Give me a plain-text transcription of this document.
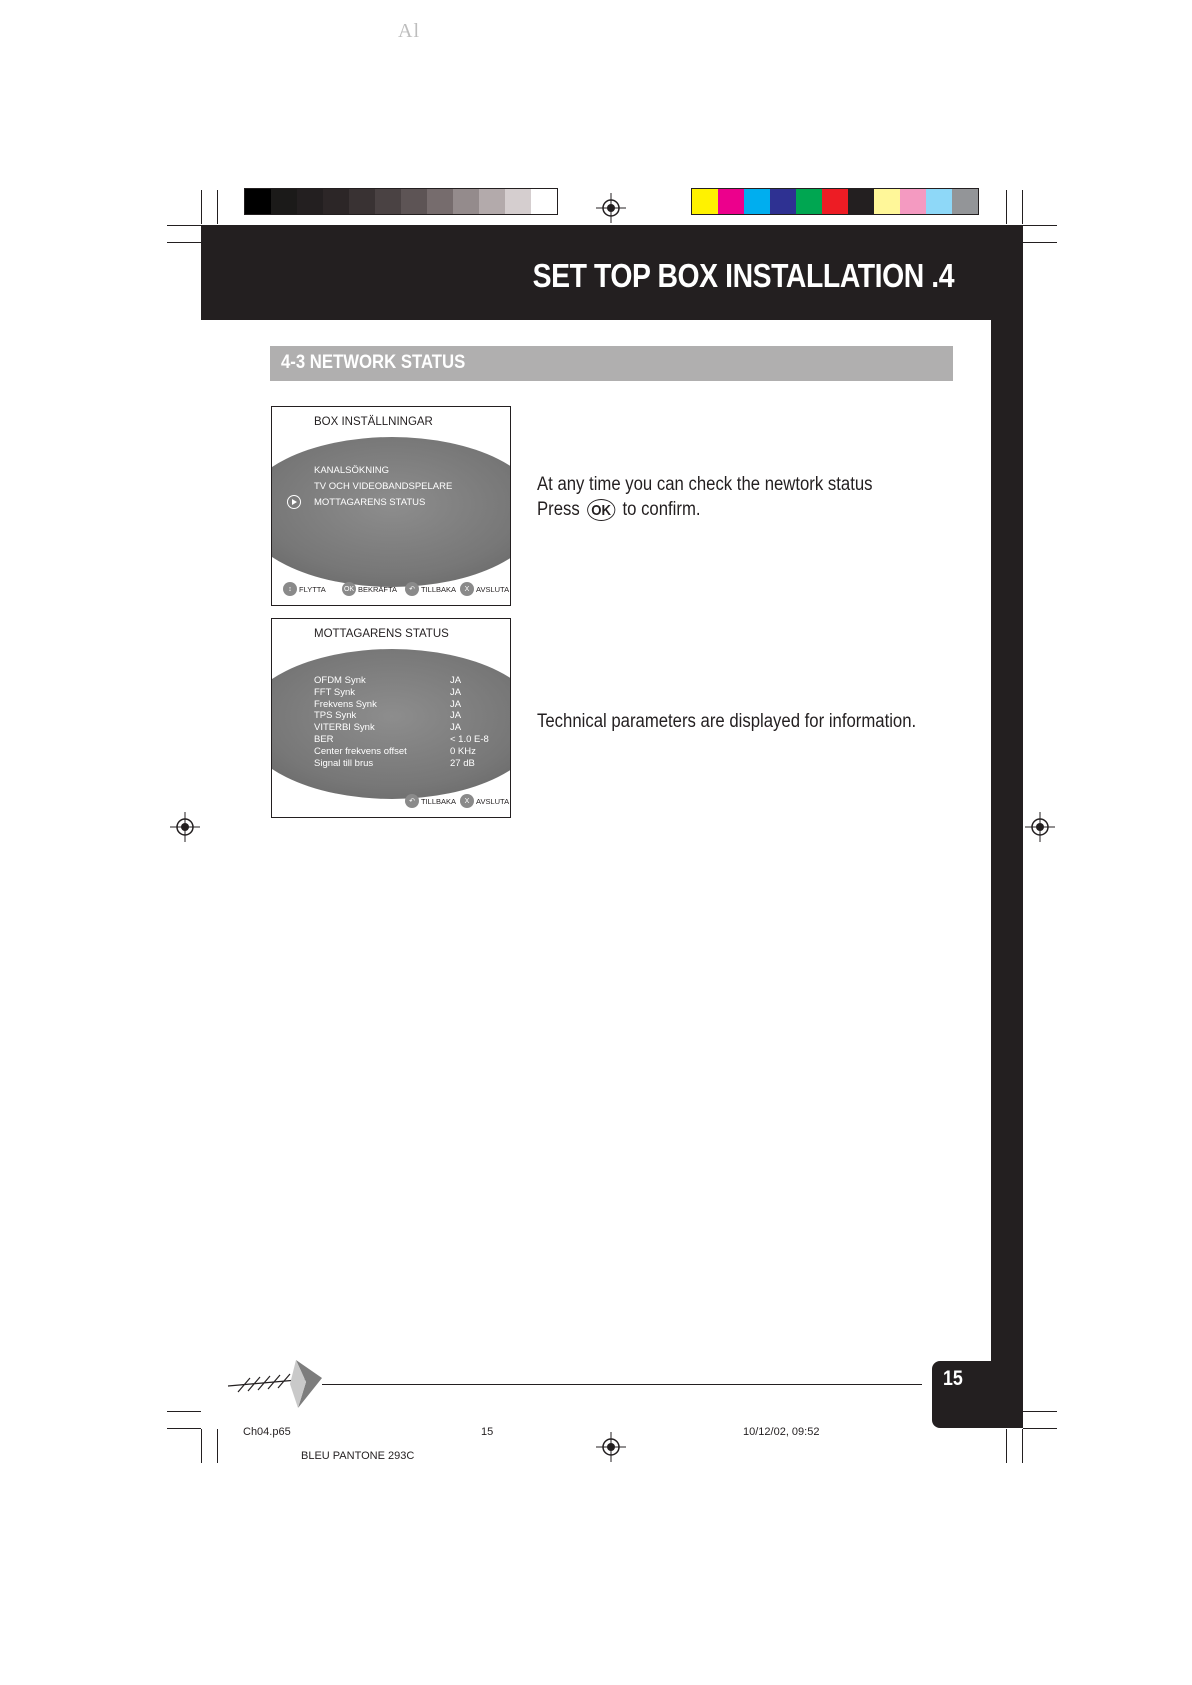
Al
SET TOP BOX INSTALLATION .4
4-3 NETWORK STATUS
BOX INSTÄLLNINGAR
KANALSÖKNING
TV OCH VIDEOBANDSPELARE
MOTTAGARENS STATUS
↕ FLYTTA	OK BEKRÄFTA	↶ TILLBAKA	X AVSLUTA
MOTTAGARENS STATUS
OFDM Synk	JA
FFT Synk	JA
Frekvens Synk	JA
TPS Synk	JA
VITERBI Synk	JA
BER	< 1.0 E-8
Center frekvens offset	0 KHz
Signal till brus	27 dB
↶ TILLBAKA	X AVSLUTA
At any time you can check the newtork status
Press OK to confirm.
Technical parameters are displayed for information.
15
Ch04.p65	15	10/12/02, 09:52
BLEU PANTONE 293C
